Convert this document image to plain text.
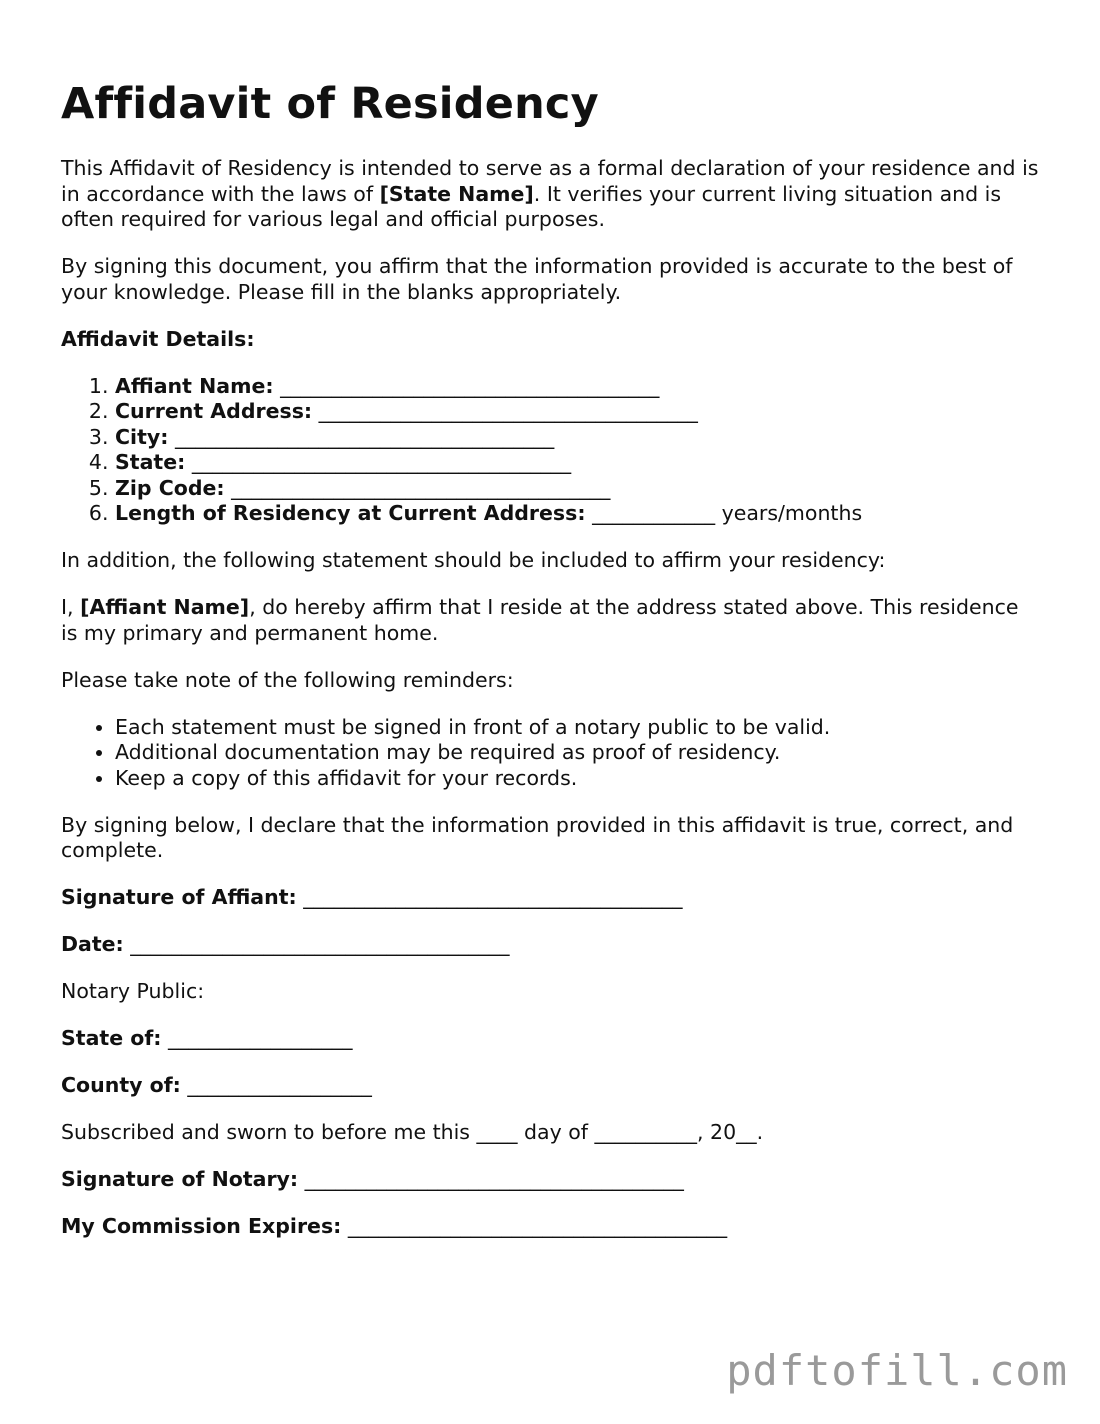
Affidavit of Residency

This Affidavit of Residency is intended to serve as a formal declaration of your residence and is in accordance with the laws of [State Name]. It verifies your current living situation and is often required for various legal and official purposes.

By signing this document, you affirm that the information provided is accurate to the best of your knowledge. Please fill in the blanks appropriately.

Affidavit Details:

1. Affiant Name: _____________________________________
2. Current Address: _____________________________________
3. City: _____________________________________
4. State: _____________________________________
5. Zip Code: _____________________________________
6. Length of Residency at Current Address: ____________ years/months

In addition, the following statement should be included to affirm your residency:

I, [Affiant Name], do hereby affirm that I reside at the address stated above. This residence is my primary and permanent home.

Please take note of the following reminders:

• Each statement must be signed in front of a notary public to be valid.
• Additional documentation may be required as proof of residency.
• Keep a copy of this affidavit for your records.

By signing below, I declare that the information provided in this affidavit is true, correct, and complete.

Signature of Affiant: _____________________________________

Date: _____________________________________

Notary Public:

State of: __________________

County of: __________________

Subscribed and sworn to before me this ____ day of __________, 20__.

Signature of Notary: _____________________________________

My Commission Expires: _____________________________________

pdftofill.com
